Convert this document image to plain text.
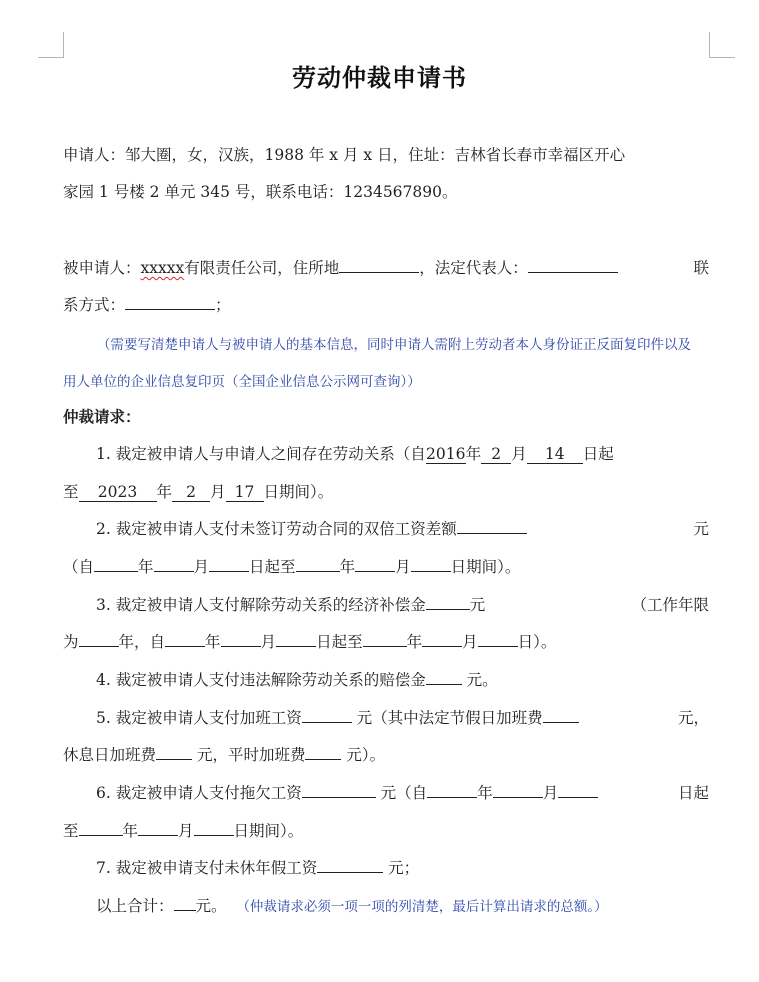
劳动仲裁申请书
申请人：邹大圈，女，汉族，1988 年 x 月 x 日，住址：吉林省长春市幸福区开心
家园 1 号楼 2 单元 345 号，联系电话：1234567890。
被申请人：xxxxx有限责任公司，住所地	，法定代表人：	联
系方式：	；
（需要写清楚申请人与被申请人的基本信息，同时申请人需附上劳动者本人身份证正反面复印件以及
用人单位的企业信息复印页（全国企业信息公示网可查询））
仲裁请求：
1. 裁定被申请人与申请人之间存在劳动关系（自2016年 2 月 14 日起
至 2023 年 2 月 17 日期间）。
2. 裁定被申请人支付未签订劳动合同的双倍工资差额	元
（自	年	月	日起至	年	月	日期间）。
3. 裁定被申请人支付解除劳动关系的经济补偿金	元	（工作年限
为	年，自	年	月	日起至	年	月	日）。
4. 裁定被申请人支付违法解除劳动关系的赔偿金	元。
5. 裁定被申请人支付加班工资	元（其中法定节假日加班费	元，
休息日加班费	元，平时加班费	元）。
6. 裁定被申请人支付拖欠工资	元（自	年	月	日起
至	年	月	日期间）。
7. 裁定被申请支付未休年假工资	元；
以上合计： 元。 （仲裁请求必须一项一项的列清楚，最后计算出请求的总额。）
